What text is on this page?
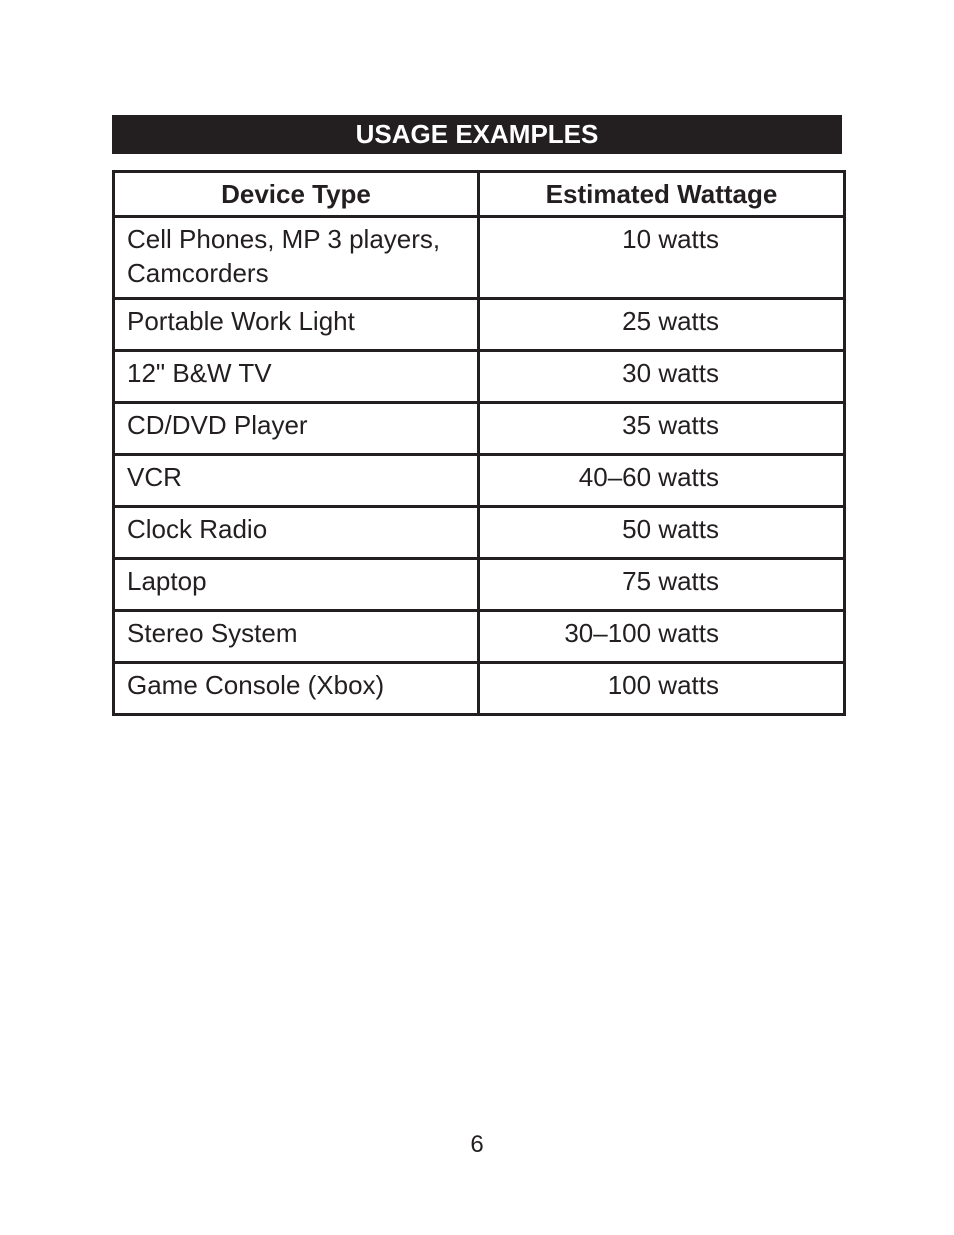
USAGE EXAMPLES
Device Type	Estimated Wattage
Cell Phones, MP 3 players, Camcorders	10 watts
Portable Work Light	25 watts
12" B&W TV	30 watts
CD/DVD Player	35 watts
VCR	40–60 watts
Clock Radio	50 watts
Laptop	75 watts
Stereo System	30–100 watts
Game Console (Xbox)	100 watts
6
